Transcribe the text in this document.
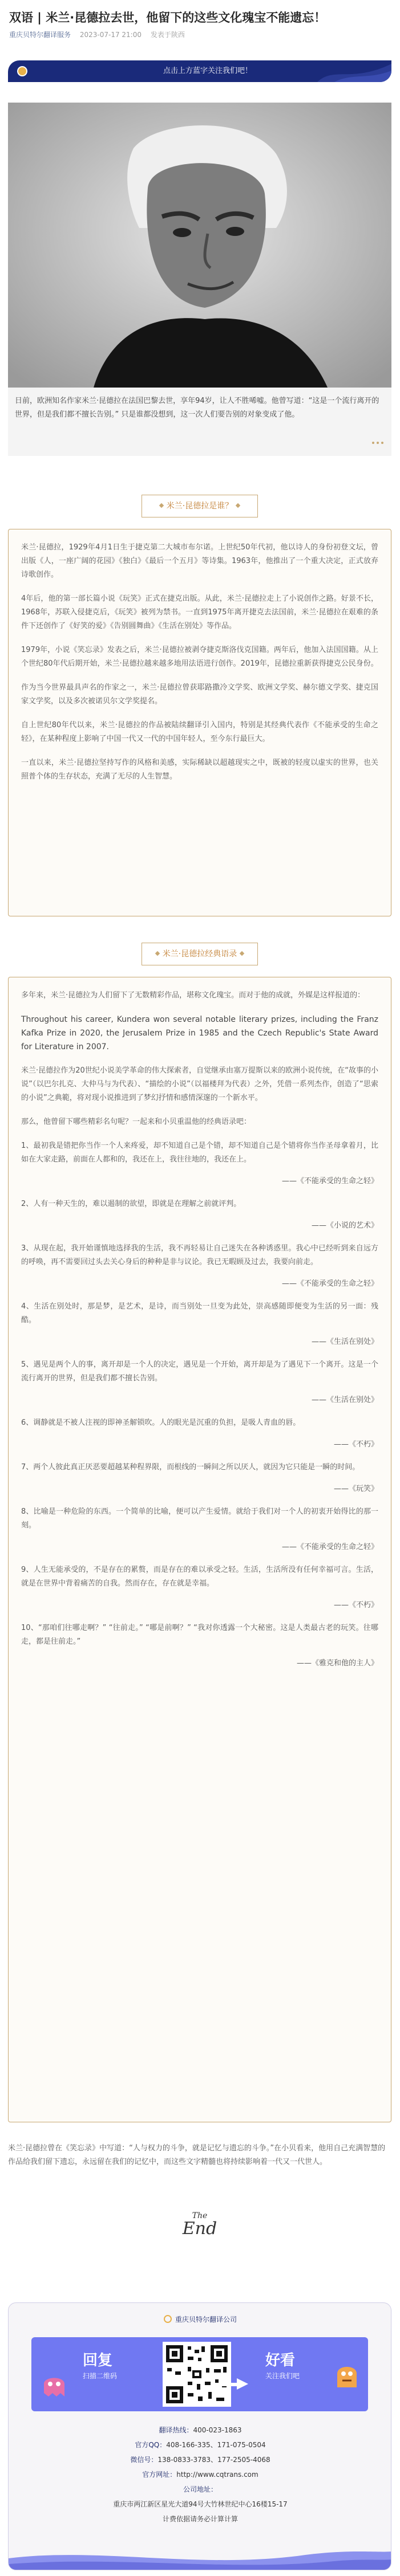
双语 | 米兰·昆德拉去世，他留下的这些文化瑰宝不能遗忘！
重庆贝特尔翻译服务 2023-07-17 21:00 发表于陕西
点击上方蓝字关注我们吧！
日前，欧洲知名作家米兰·昆德拉在法国巴黎去世，享年94岁，让人不胜唏嘘。他曾写道：“这是一个流行离开的世界，但是我们都不擅长告别。” 只是谁都没想到，这一次人们要告别的对象变成了他。
米兰·昆德拉是谁？

米兰·昆德拉，1929年4月1日生于捷克第二大城市布尔诺。上世纪50年代初，他以诗人的身份初登文坛，曾出版《人，一座广阔的花园》《独白》《最后一个五月》等诗集。1963年，他推出了一个重大决定，正式放弃诗歌创作。

4年后，他的第一部长篇小说《玩笑》正式在捷克出版。从此，米兰·昆德拉走上了小说创作之路。好景不长，1968年，苏联入侵捷克后，《玩笑》被列为禁书。一直到1975年离开捷克去法国前，米兰·昆德拉在艰难的条件下还创作了《好笑的爱》《告别圆舞曲》《生活在别处》等作品。

1979年，小说《笑忘录》发表之后，米兰·昆德拉被剥夺捷克斯洛伐克国籍。两年后，他加入法国国籍。从上个世纪80年代后期开始，米兰·昆德拉越来越多地用法语进行创作。2019年，昆德拉重新获得捷克公民身份。

作为当今世界最具声名的作家之一，米兰·昆德拉曾获耶路撒冷文学奖、欧洲文学奖、赫尔德文学奖、捷克国家文学奖，以及多次被诺贝尔文学奖提名。

自上世纪80年代以来，米兰·昆德拉的作品被陆续翻译引入国内，特别是其经典代表作《不能承受的生命之轻》，在某种程度上影响了中国一代又一代的中国年轻人，至今东行最巨大。

一直以来，米兰·昆德拉坚持写作的风格和美感，实际稀缺以超越现实之中，既被的轻度以虚实的世界，也关照普个体的生存状态，充满了无尽的人生智慧。

米兰·昆德拉经典语录

多年来，米兰·昆德拉为人们留下了无数精彩作品，堪称文化瑰宝。而对于他的成就，外媒是这样报道的：

Throughout his career, Kundera won several notable literary prizes, including the Franz Kafka Prize in 2020, the Jerusalem Prize in 1985 and the Czech Republic's State Award for Literature in 2007.

米兰·昆德拉作为20世纪小说美学革命的伟大探索者，自觉继承由塞万提斯以来的欧洲小说传统，在“故事的小说”（以巴尔扎克、大仲马与为代表）、“描绘的小说”（以福楼拜为代表）之外，凭借一系列杰作，创造了“思索的小说”之典範，将对现小说推进到了梦幻抒情和感情深邃的一个新水平。

那么，他曾留下哪些精彩名句呢？一起来和小贝重温他的经典语录吧：

1、最初我是错把你当作一个人来疼爱，却不知道自己是个错，却不知道自己是个错将你当作圣母拿着月，比如在大家走路，前面在人都和的，我还在上，我往往地的，我还在上。

——《不能承受的生命之轻》

2、人有一种天生的，难以遏制的欲望，即就是在理解之前就评判。

——《小说的艺术》

3、从现在起，我开始谨慎地选择我的生活，我不再轻易让自己迷失在各种诱惑里。我心中已经听到来自远方的呼唤，再不需要回过头去关心身后的种种是非与议论。我已无暇顾及过去，我要向前走。

——《不能承受的生命之轻》

4、生活在别处时，那是梦，是艺术，是诗，而当别处一旦变为此处，崇高感随即便变为生活的另一面：残酷。

——《生活在别处》

5、遇见是两个人的事，离开却是一个人的决定，遇见是一个开始，离开却是为了遇见下一个离开。这是一个流行离开的世界，但是我们都不擅长告别。

——《生活在别处》

6、调静就是不被人注视的即神圣解锁吹。人的眼光是沉重的负担，是吸人青血的唇。

——《不朽》

7、两个人彼此真正厌恶要超越某种程界限，而根线的一瞬间之所以厌人，就因为它只能是一瞬的时间。

——《玩笑》

8、比喻是一种危险的东西。一个简单的比喻，便可以产生爱情。就给于我们对一个人的初衷开始得比的那一刻。

——《不能承受的生命之轻》

9、人生无能承受的，不是存在的累赘，而是存在的难以承受之轻。生活，生活所没有任何幸福可言。生活，就是在世界中背着痛苦的自我。然而存在，存在就是幸福。

——《不朽》

10、“那咱们往哪走啊？” “往前走。” “哪是前啊？” “我对你透露一个大秘密。这是人类最古老的玩笑。往哪走，都是往前走。”

——《雅克和他的主人》

米兰·昆德拉曾在《笑忘录》中写道：“人与权力的斗争，就是记忆与遗忘的斗争。”在小贝看来，他用自己充满智慧的作品给我们留下遗忘，永远留在我们的记忆中，而这些文字精髓也将持续影响着一代又一代世人。
The
End
重庆贝特尔翻译公司
回复
扫描二维码
好看
关注我们吧
翻译热线：400-023-1863
官方QQ：408-166-335、171-075-0504
微信号：138-0833-3783、177-2505-4068
官方网址：http://www.cqtrans.com
公司地址：
重庆市两江新区星光大道94号大竹林世纪中心16楼15-17
计费依据请务必计算计算
